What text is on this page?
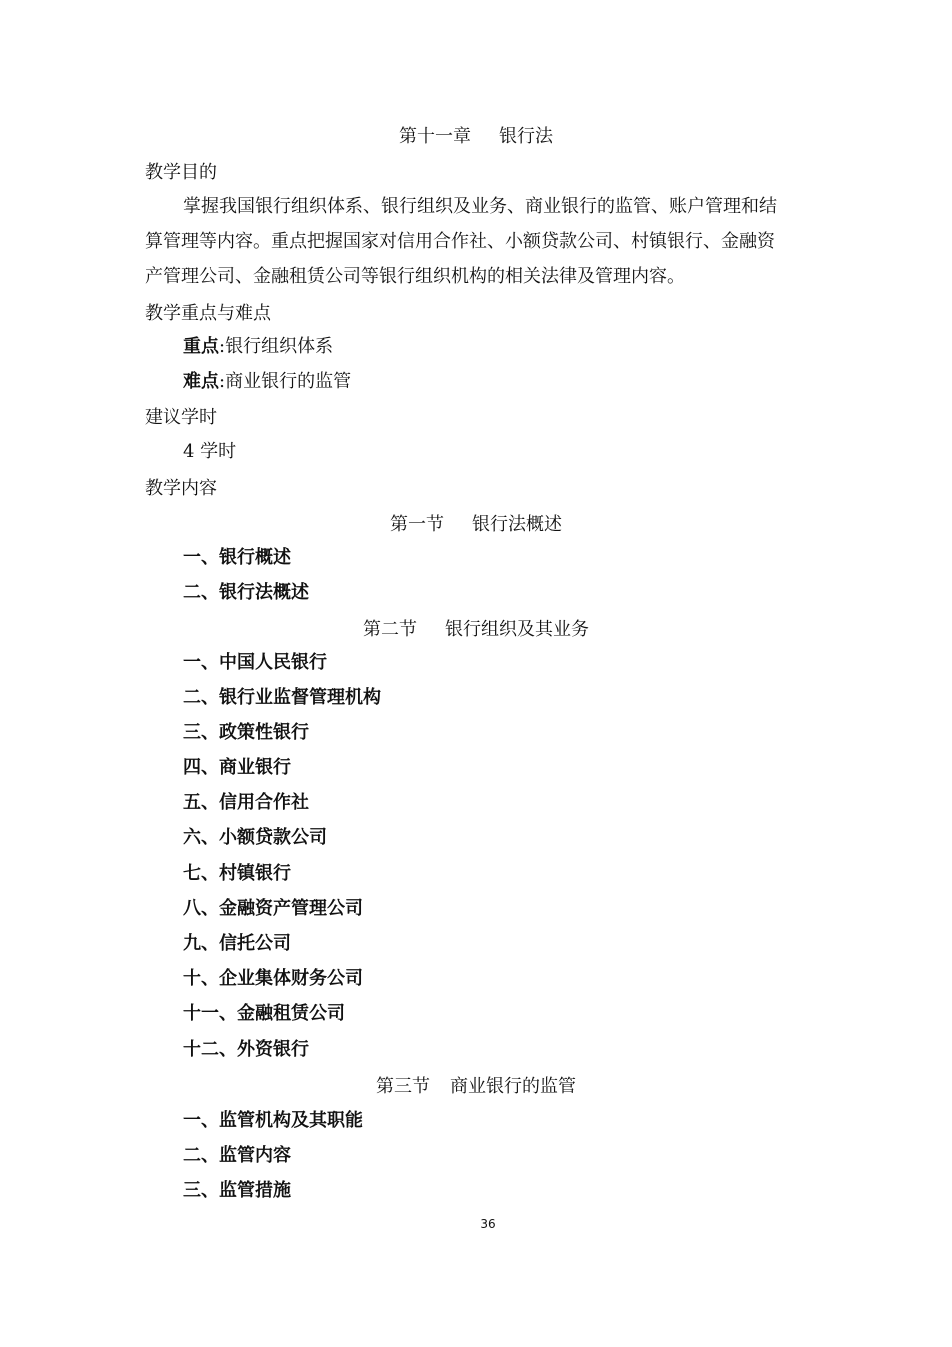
第十一章 银行法
教学目的
掌握我国银行组织体系、银行组织及业务、商业银行的监管、账户管理和结
算管理等内容。重点把握国家对信用合作社、小额贷款公司、村镇银行、金融资
产管理公司、金融租赁公司等银行组织机构的相关法律及管理内容。
教学重点与难点
重点:银行组织体系
难点:商业银行的监管
建议学时
4 学时
教学内容
第一节 银行法概述
一、银行概述
二、银行法概述
第二节 银行组织及其业务
一、中国人民银行
二、银行业监督管理机构
三、政策性银行
四、商业银行
五、信用合作社
六、小额贷款公司
七、村镇银行
八、金融资产管理公司
九、信托公司
十、企业集体财务公司
十一、金融租赁公司
十二、外资银行
第三节 商业银行的监管
一、监管机构及其职能
二、监管内容
三、监管措施
36
